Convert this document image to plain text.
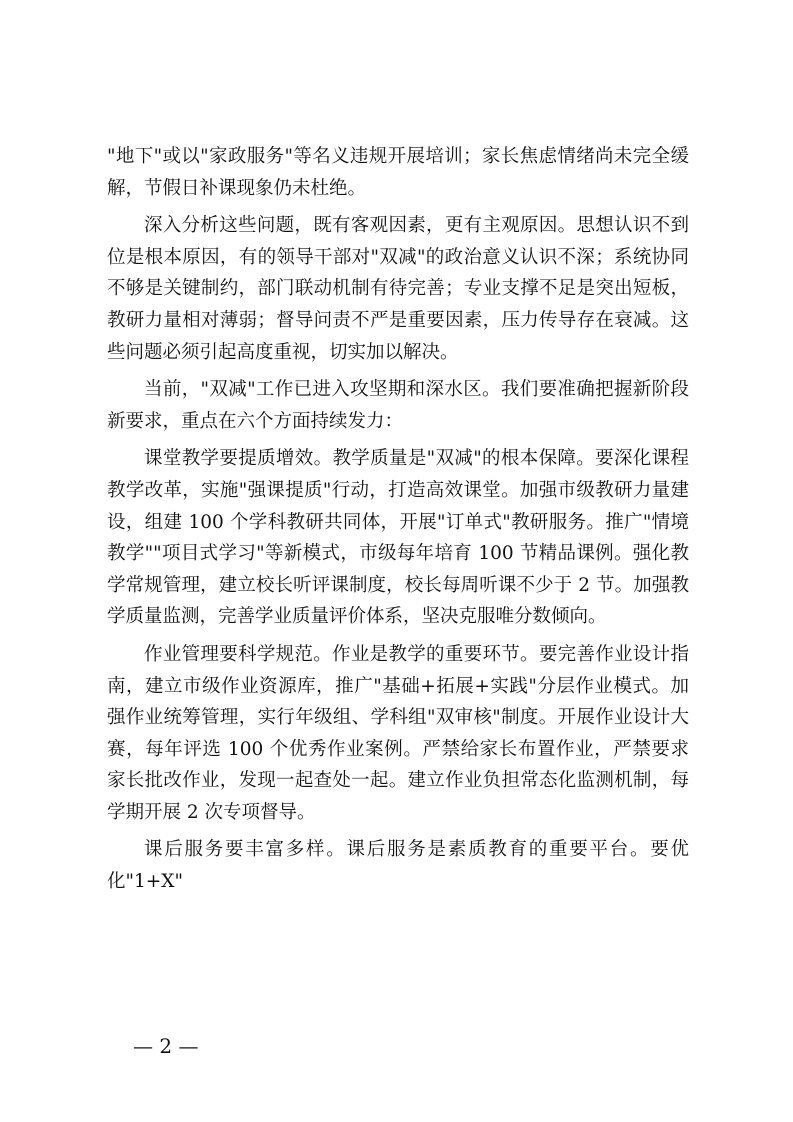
"地下"或以"家政服务"等名义违规开展培训；家长焦虑情绪尚未完全缓解，节假日补课现象仍未杜绝。

深入分析这些问题，既有客观因素，更有主观原因。思想认识不到位是根本原因，有的领导干部对"双减"的政治意义认识不深；系统协同不够是关键制约，部门联动机制有待完善；专业支撑不足是突出短板，教研力量相对薄弱；督导问责不严是重要因素，压力传导存在衰减。这些问题必须引起高度重视，切实加以解决。

当前，"双减"工作已进入攻坚期和深水区。我们要准确把握新阶段新要求，重点在六个方面持续发力：

课堂教学要提质增效。教学质量是"双减"的根本保障。要深化课程教学改革，实施"强课提质"行动，打造高效课堂。加强市级教研力量建设，组建 100 个学科教研共同体，开展"订单式"教研服务。推广"情境教学""项目式学习"等新模式，市级每年培育 100 节精品课例。强化教学常规管理，建立校长听评课制度，校长每周听课不少于 2 节。加强教学质量监测，完善学业质量评价体系，坚决克服唯分数倾向。

作业管理要科学规范。作业是教学的重要环节。要完善作业设计指南，建立市级作业资源库，推广"基础+拓展+实践"分层作业模式。加强作业统筹管理，实行年级组、学科组"双审核"制度。开展作业设计大赛，每年评选 100 个优秀作业案例。严禁给家长布置作业，严禁要求家长批改作业，发现一起查处一起。建立作业负担常态化监测机制，每学期开展 2 次专项督导。

课后服务要丰富多样。课后服务是素质教育的重要平台。要优化"1+X"

— 2 —
